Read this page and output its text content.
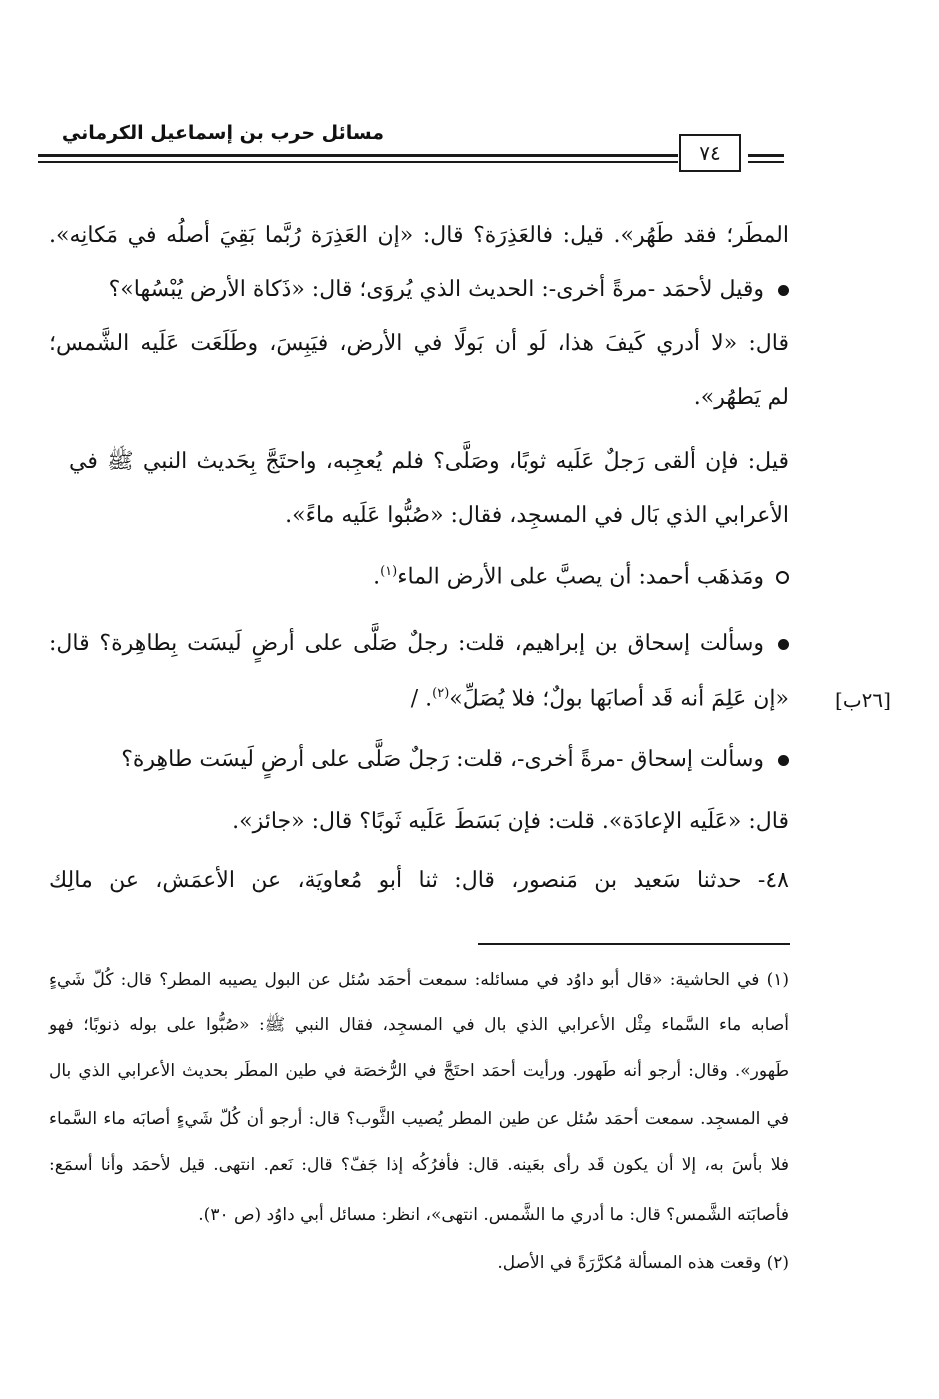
مسائل حرب بن إسماعيل الكرماني
٧٤
المطَر؛ فقد طَهُر». قيل: فالعَذِرَة؟ قال: «إن العَذِرَة رُبَّما بَقِيَ أصلُه في مَكانِه».
وقيل لأحمَد -مرةً أخرى-: الحديث الذي يُروَى؛ قال: «ذَكاة الأرض يُبْسُها»؟
قال: «لا أدري كَيفَ هذا، لَو أن بَولًا في الأرض، فيَبِسَ، وطَلَعَت عَلَيه الشَّمس؛
لم يَطهُر».
قيل: فإن ألقى رَجلٌ عَلَيه ثوبًا، وصَلَّى؟ فلم يُعجِبه، واحتَجَّ بِحَديث النبي ﷺ في
الأعرابي الذي بَال في المسجِد، فقال: «صُبُّوا عَلَيه ماءً».
ومَذهَب أحمد: أن يصبَّ على الأرض الماء$^{(١)}$.
وسألت إسحاق بن إبراهيم، قلت: رجلٌ صَلَّى على أرضٍ لَيسَت بِطاهِرة؟ قال:
«إن عَلِمَ أنه قَد أصابَها بولٌ؛ فلا يُصَلِّ»$^{(٢)}$. /	[٢٦ب]
وسألت إسحاق -مرةً أخرى-، قلت: رَجلٌ صَلَّى على أرضٍ لَيسَت طاهِرة؟
قال: «عَلَيه الإعادَة». قلت: فإن بَسَطَ عَلَيه ثَوبًا؟ قال: «جائز».
٤٨- حدثنا سَعيد بن مَنصور، قال: ثنا أبو مُعاويَة، عن الأعمَش، عن مالِك
(١) في الحاشية: «قال أبو داوُد في مسائله: سمعت أحمَد سُئل عن البول يصيبه المطر؟ قال: كُلّ شَيءٍ
أصابه ماء السَّماء مِثْل الأعرابي الذي بال في المسجِد، فقال النبي ﷺ: «صُبُّوا على بوله ذنوبًا؛ فهو
طَهور». وقال: أرجو أنه طَهور. ورأيت أحمَد احتَجَّ في الرُّخصَة في طين المطَر بحديث الأعرابي الذي بال
في المسجِد. سمعت أحمَد سُئل عن طين المطر يُصيب الثَّوب؟ قال: أرجو أن كُلّ شَيءٍ أصابَه ماء السَّماء
فلا بأسَ به، إلا أن يكون قَد رأى بعَينه. قال: فأفرُكُه إذا جَفّ؟ قال: نَعم. انتهى. قيل لأحمَد وأنا أسمَع:
فأصابَته الشَّمس؟ قال: ما أدري ما الشَّمس. انتهى»، انظر: مسائل أبي داوُد (ص ٣٠).
(٢) وقعت هذه المسألة مُكرَّرَةً في الأصل.
